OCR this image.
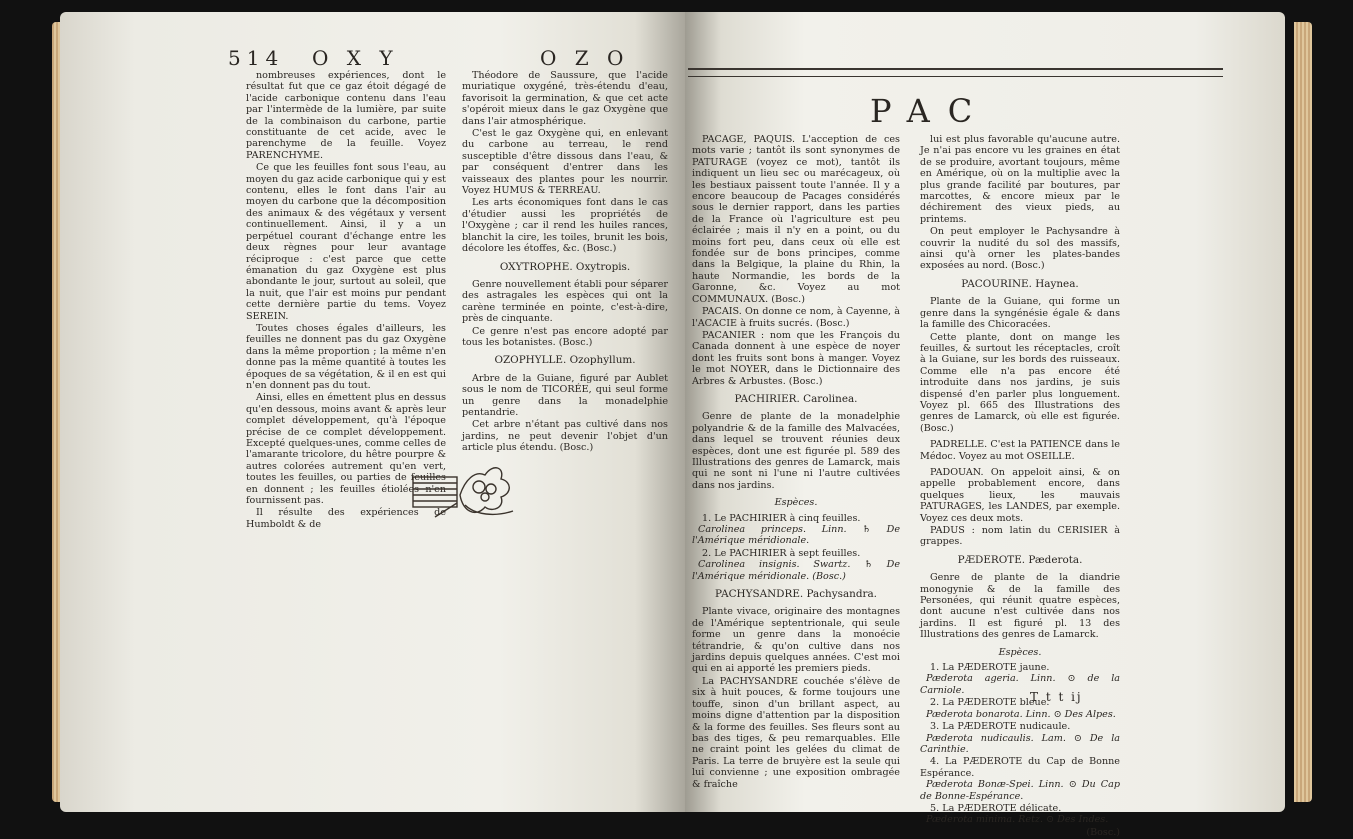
514 O X Y	O Z O

nombreuses expériences, dont le résultat fut que ce gaz étoit dégagé de l'acide carbonique contenu dans l'eau par l'intermède de la lumière, par suite de la combinaison du carbone, partie constituante de cet acide, avec le parenchyme de la feuille. Voyez PARENCHYME.

Ce que les feuilles font sous l'eau, au moyen du gaz acide carbonique qui y est contenu, elles le font dans l'air au moyen du carbone que la décomposition des animaux & des végétaux y versent continuellement. Ainsi, il y a un perpétuel courant d'échange entre les deux règnes pour leur avantage réciproque : c'est parce que cette émanation du gaz Oxygène est plus abondante le jour, surtout au soleil, que la nuit, que l'air est moins pur pendant cette dernière partie du tems. Voyez SEREIN.

Toutes choses égales d'ailleurs, les feuilles ne donnent pas du gaz Oxygène dans la même proportion ; la même n'en donne pas la même quantité à toutes les époques de sa végétation, & il en est qui n'en donnent pas du tout.

Ainsi, elles en émettent plus en dessus qu'en dessous, moins avant & après leur complet développement, qu'à l'époque précise de ce complet développement. Excepté quelques-unes, comme celles de l'amarante tricolore, du hêtre pourpre & autres colorées autrement qu'en vert, toutes les feuilles, ou parties de feuilles en donnent ; les feuilles étiolées n'en fournissent pas.

Il résulte des expériences de Humboldt & de

Théodore de Saussure, que l'acide muriatique oxygéné, très-étendu d'eau, favorisoit la germination, & que cet acte s'opéroit mieux dans le gaz Oxygène que dans l'air atmosphérique.

C'est le gaz Oxygène qui, en enlevant du carbone au terreau, le rend susceptible d'être dissous dans l'eau, & par conséquent d'entrer dans les vaisseaux des plantes pour les nourrir. Voyez HUMUS & TERREAU.

Les arts économiques font dans le cas d'étudier aussi les propriétés de l'Oxygène ; car il rend les huiles rances, blanchit la cire, les toiles, brunit les bois, décolore les étoffes, &c. (Bosc.)

OXYTROPHE. Oxytropis.

Genre nouvellement établi pour séparer des astragales les espèces qui ont la carène terminée en pointe, c'est-à-dire, près de cinquante.

Ce genre n'est pas encore adopté par tous les botanistes. (Bosc.)

OZOPHYLLE. Ozophyllum.

Arbre de la Guiane, figuré par Aublet sous le nom de TICORÉE, qui seul forme un genre dans la monadelphie pentandrie.

Cet arbre n'étant pas cultivé dans nos jardins, ne peut devenir l'objet d'un article plus étendu. (Bosc.)

PAC

PACAGE, PAQUIS. L'acception de ces mots varie ; tantôt ils sont synonymes de PATURAGE (voyez ce mot), tantôt ils indiquent un lieu sec ou marécageux, où les bestiaux paissent toute l'année. Il y a encore beaucoup de Pacages considérés sous le dernier rapport, dans les parties de la France où l'agriculture est peu éclairée ; mais il n'y en a point, ou du moins fort peu, dans ceux où elle est fondée sur de bons principes, comme dans la Belgique, la plaine du Rhin, la haute Normandie, les bords de la Garonne, &c. Voyez au mot COMMUNAUX. (Bosc.)

PACAIS. On donne ce nom, à Cayenne, à l'ACACIE à fruits sucrés. (Bosc.)

PACANIER : nom que les François du Canada donnent à une espèce de noyer dont les fruits sont bons à manger. Voyez le mot NOYER, dans le Dictionnaire des Arbres & Arbustes. (Bosc.)

PACHIRIER. Carolinea.

Genre de plante de la monadelphie polyandrie & de la famille des Malvacées, dans lequel se trouvent réunies deux espèces, dont une est figurée pl. 589 des Illustrations des genres de Lamarck, mais qui ne sont ni l'une ni l'autre cultivées dans nos jardins.

Espèces.

1. Le PACHIRIER à cinq feuilles.

Carolinea princeps. Linn. ♄ De l'Amérique méridionale.

2. Le PACHIRIER à sept feuilles.

Carolinea insignis. Swartz. ♄ De l'Amérique méridionale. (Bosc.)

PACHYSANDRE. Pachysandra.

Plante vivace, originaire des montagnes de l'Amérique septentrionale, qui seule forme un genre dans la monoécie tétrandrie, & qu'on cultive dans nos jardins depuis quelques années. C'est moi qui en ai apporté les premiers pieds.

La PACHYSANDRE couchée s'élève de six à huit pouces, & forme toujours une touffe, sinon d'un brillant aspect, au moins digne d'attention par la disposition & la forme des feuilles. Ses fleurs sont au bas des tiges, & peu remarquables. Elle ne craint point les gelées du climat de Paris. La terre de bruyère est la seule qui lui convienne ; une exposition ombragée & fraîche

lui est plus favorable qu'aucune autre. Je n'ai pas encore vu les graines en état de se produire, avortant toujours, même en Amérique, où on la multiplie avec la plus grande facilité par boutures, par marcottes, & encore mieux par le déchirement des vieux pieds, au printems.

On peut employer le Pachysandre à couvrir la nudité du sol des massifs, ainsi qu'à orner les plates-bandes exposées au nord. (Bosc.)

PACOURINE. Haynea.

Plante de la Guiane, qui forme un genre dans la syngénésie égale & dans la famille des Chicoracées.

Cette plante, dont on mange les feuilles, & surtout les réceptacles, croît à la Guiane, sur les bords des ruisseaux. Comme elle n'a pas encore été introduite dans nos jardins, je suis dispensé d'en parler plus longuement. Voyez pl. 665 des Illustrations des genres de Lamarck, où elle est figurée. (Bosc.)

PADRELLE. C'est la PATIENCE dans le Médoc. Voyez au mot OSEILLE.

PADOUAN. On appeloit ainsi, & on appelle probablement encore, dans quelques lieux, les mauvais PATURAGES, les LANDES, par exemple. Voyez ces deux mots.

PADUS : nom latin du CERISIER à grappes.

PÆDEROTE. Pæderota.

Genre de plante de la diandrie monogynie & de la famille des Personées, qui réunit quatre espèces, dont aucune n'est cultivée dans nos jardins. Il est figuré pl. 13 des Illustrations des genres de Lamarck.

Espèces.

1. La PÆDEROTE jaune.

Pæderota ageria. Linn. ⊙ de la Carniole.

2. La PÆDEROTE bleue.

Pæderota bonarota. Linn. ⊙ Des Alpes.

3. La PÆDEROTE nudicaule.

Pæderota nudicaulis. Lam. ⊙ De la Carinthie.

4. La PÆDEROTE du Cap de Bonne Espérance.

Pæderota Bonæ-Spei. Linn. ⊙ Du Cap de Bonne-Espérance.

5. La PÆDEROTE délicate.

Pæderota minima. Retz. ⊙ Des Indes.

(Bosc.)

T t t ij
